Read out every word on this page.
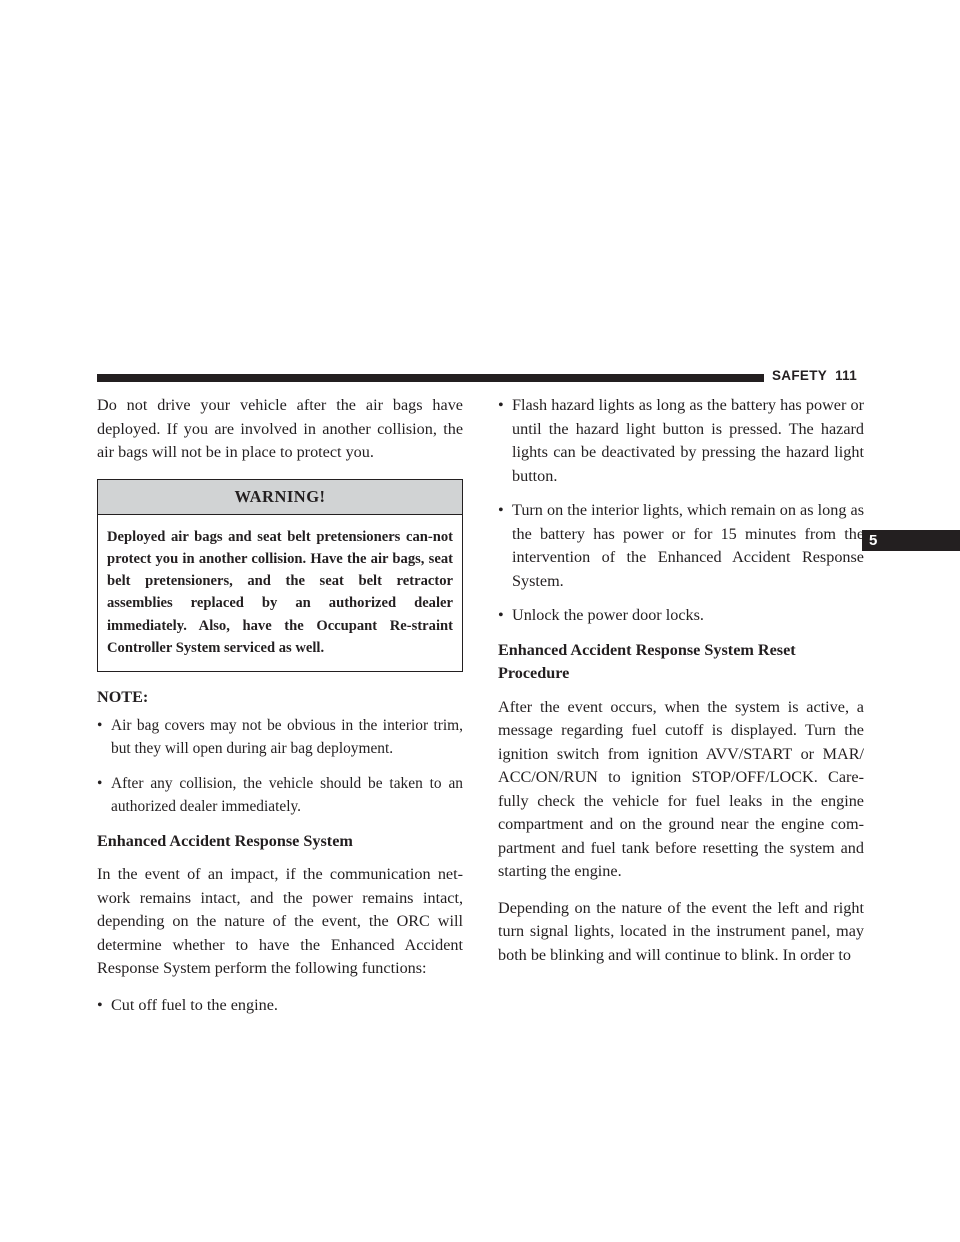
SAFETY 111
5

Do not drive your vehicle after the air bags have deployed. If you are involved in another collision, the air bags will not be in place to protect you.

WARNING!
Deployed air bags and seat belt pretensioners can-not protect you in another collision. Have the air bags, seat belt pretensioners, and the seat belt retractor assemblies replaced by an authorized dealer immediately. Also, have the Occupant Re-straint Controller System serviced as well.
NOTE:
• Air bag covers may not be obvious in the interior trim, but they will open during air bag deployment.
• After any collision, the vehicle should be taken to an authorized dealer immediately.
Enhanced Accident Response System

In the event of an impact, if the communication net-work remains intact, and the power remains intact, depending on the nature of the event, the ORC will determine whether to have the Enhanced Accident Response System perform the following functions:

• Cut off fuel to the engine.
• Flash hazard lights as long as the battery has power or until the hazard light button is pressed. The hazard lights can be deactivated by pressing the hazard light button.
• Turn on the interior lights, which remain on as long as the battery has power or for 15 minutes from the intervention of the Enhanced Accident Response System.
• Unlock the power door locks.
Enhanced Accident Response System Reset Procedure

After the event occurs, when the system is active, a message regarding fuel cutoff is displayed. Turn the ignition switch from ignition AVV/START or MAR/ ACC/ON/RUN to ignition STOP/OFF/LOCK. Care-fully check the vehicle for fuel leaks in the engine compartment and on the ground near the engine com-partment and fuel tank before resetting the system and starting the engine.

Depending on the nature of the event the left and right turn signal lights, located in the instrument panel, may both be blinking and will continue to blink. In order to
